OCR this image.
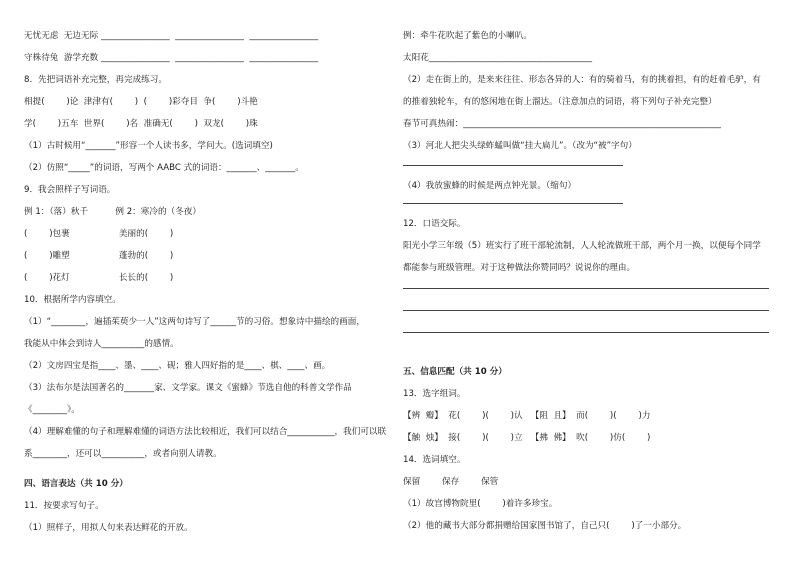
无忧无虑  无边无际 ________________  ________________  ________________
守株待兔  游学充数 ________________  ________________  ________________
8．先把词语补充完整，再完成练习。
相提(        )论  津津有(        )  (        )彩夺目  争(        )斗艳
学(        )五车  世界(        )名  准确无(        )  双龙(        )珠
（1）古时候用“_______”形容一个人读书多，学问大。(选词填空)
（2）仿照“_____”的词语，写两个 AABC 式的词语：_______、_______。
9．我会照样子写词语。
例 1：（落）秋千          例 2：寒冷的（冬夜）
(        )包裹                  美丽的(        )
(        )雕塑                  蓬勃的(        )
(        )花灯                  长长的(        )
10．根据所学内容填空。
（1）“________，遍插茱萸少一人”这两句诗写了______节的习俗。想象诗中描绘的画面，
我能从中体会到诗人__________的感情。
（2）文房四宝是指____、墨、____、砚；雅人四好指的是____、棋、____、画。
（3）法布尔是法国著名的_______家、文学家。课文《蜜蜂》节选自他的科普文学作品
《________》。
（4）理解难懂的句子和理解难懂的词语方法比较相近，我们可以结合___________，我们可以联
系________，还可以__________，或者向别人请教。
四、语言表达（共 10 分）
11．按要求写句子。
（1）照样子，用拟人句来表达鲜花的开放。
例：牵牛花吹起了紫色的小喇叭。
太阳花______________________________________
（2）走在街上的，是来来往往、形态各异的人：有的骑着马，有的挑着担，有的赶着毛驴，有
的推着独轮车，有的悠闲地在街上溜达。（注意加点的词语，将下列句子补充完整）
春节可真热闹：____________________________________________________________
（3）河北人把尖头绿蚱蜢叫做“挂大扁儿”。（改为“被”字句）
（4）我放蜜蜂的时候是两点钟光景。（缩句）
12．口语交际。
阳光小学三年级（5）班实行了班干部轮流制，人人轮流做班干部，两个月一换，以便每个同学
都能参与班级管理。对于这种做法你赞同吗？说说你的理由。
五、信息匹配（共 10 分）
13．选字组词。
【辨  瓣】  花(        )(        )认   【阻  且】  而(        )(        )力
【触  烛】  接(        )(        )立   【拂  佛】  吹(        )仿(        )
14．选词填空。
保留        保存        保管
（1）故宫博物院里(        )着许多珍宝。
（2）他的藏书大部分都捐赠给国家图书馆了，自己只(        )了一小部分。
